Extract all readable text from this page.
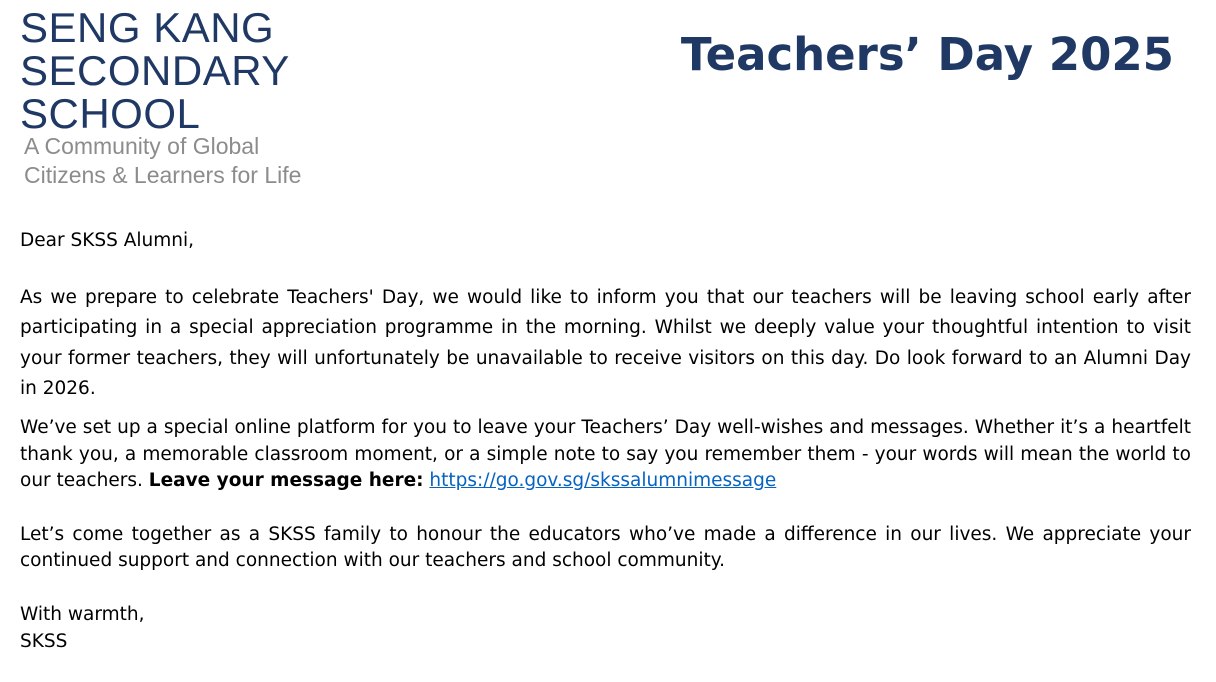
SENG KANG
SECONDARY
SCHOOL
A Community of Global
Citizens & Learners for Life
Teachers’ Day 2025

Dear SKSS Alumni,

As we prepare to celebrate Teachers' Day, we would like to inform you that our teachers will be leaving school early after participating in a special appreciation programme in the morning. Whilst we deeply value your thoughtful intention to visit your former teachers, they will unfortunately be unavailable to receive visitors on this day. Do look forward to an Alumni Day in 2026.

We’ve set up a special online platform for you to leave your Teachers’ Day well-wishes and messages. Whether it’s a heartfelt thank you, a memorable classroom moment, or a simple note to say you remember them - your words will mean the world to our teachers. Leave your message here: https://go.gov.sg/skssalumnimessage

Let’s come together as a SKSS family to honour the educators who’ve made a difference in our lives. We appreciate your continued support and connection with our teachers and school community.

With warmth,
SKSS
